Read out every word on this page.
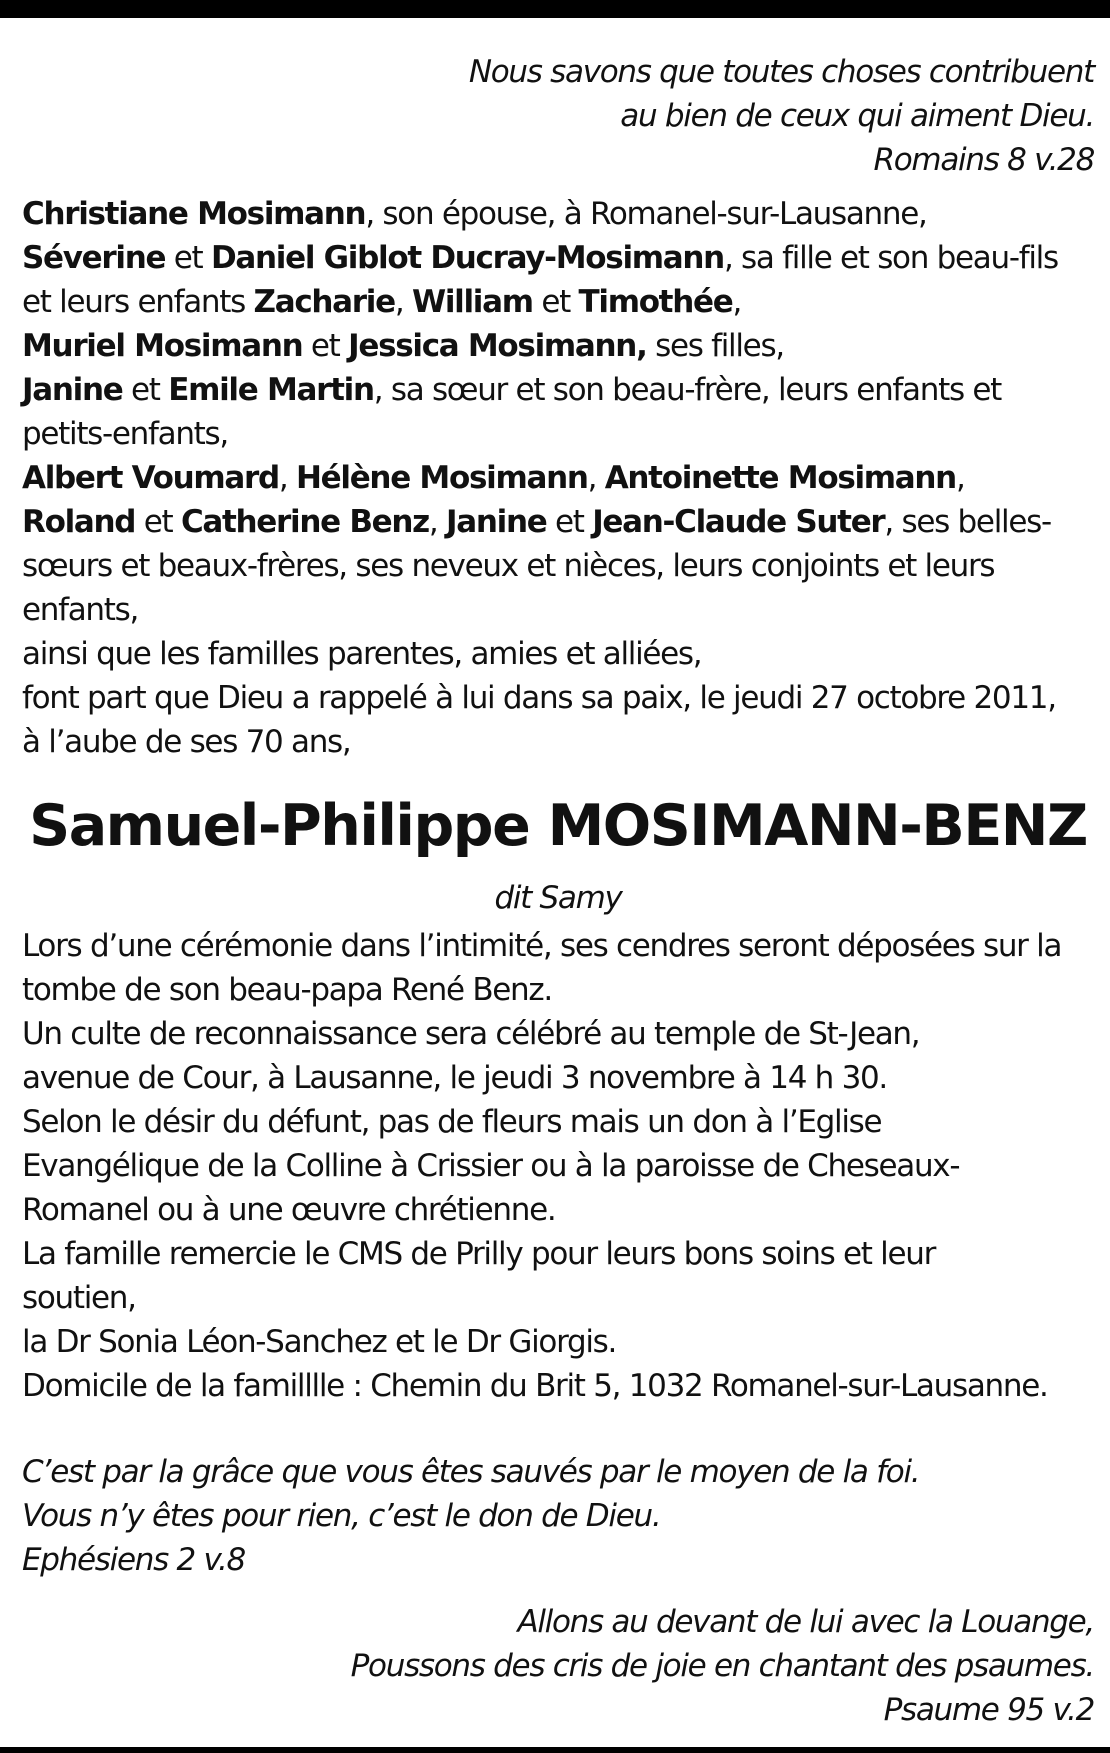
Nous savons que toutes choses contribuent
au bien de ceux qui aiment Dieu.
Romains 8 v.28
Christiane Mosimann, son épouse, à Romanel-sur-Lausanne,
Séverine et Daniel Giblot Ducray-Mosimann, sa fille et son beau-fils
et leurs enfants Zacharie, William et Timothée,
Muriel Mosimann et Jessica Mosimann, ses filles,
Janine et Emile Martin, sa sœur et son beau-frère, leurs enfants et
petits-enfants,
Albert Voumard, Hélène Mosimann, Antoinette Mosimann,
Roland et Catherine Benz, Janine et Jean-Claude Suter, ses belles-
sœurs et beaux-frères, ses neveux et nièces, leurs conjoints et leurs
enfants,
ainsi que les familles parentes, amies et alliées,
font part que Dieu a rappelé à lui dans sa paix, le jeudi 27 octobre 2011,
à l’aube de ses 70 ans,
Samuel-Philippe MOSIMANN-BENZ
dit Samy
Lors d’une cérémonie dans l’intimité, ses cendres seront déposées sur la
tombe de son beau-papa René Benz.
Un culte de reconnaissance sera célébré au temple de St-Jean,
avenue de Cour, à Lausanne, le jeudi 3 novembre à 14 h 30.
Selon le désir du défunt, pas de fleurs mais un don à l’Eglise
Evangélique de la Colline à Crissier ou à la paroisse de Cheseaux-
Romanel ou à une œuvre chrétienne.
La famille remercie le CMS de Prilly pour leurs bons soins et leur
soutien,
la Dr Sonia Léon-Sanchez et le Dr Giorgis.
Domicile de la familllle : Chemin du Brit 5, 1032 Romanel-sur-Lausanne.
C’est par la grâce que vous êtes sauvés par le moyen de la foi.
Vous n’y êtes pour rien, c’est le don de Dieu.
Ephésiens 2 v.8
Allons au devant de lui avec la Louange,
Poussons des cris de joie en chantant des psaumes.
Psaume 95 v.2
